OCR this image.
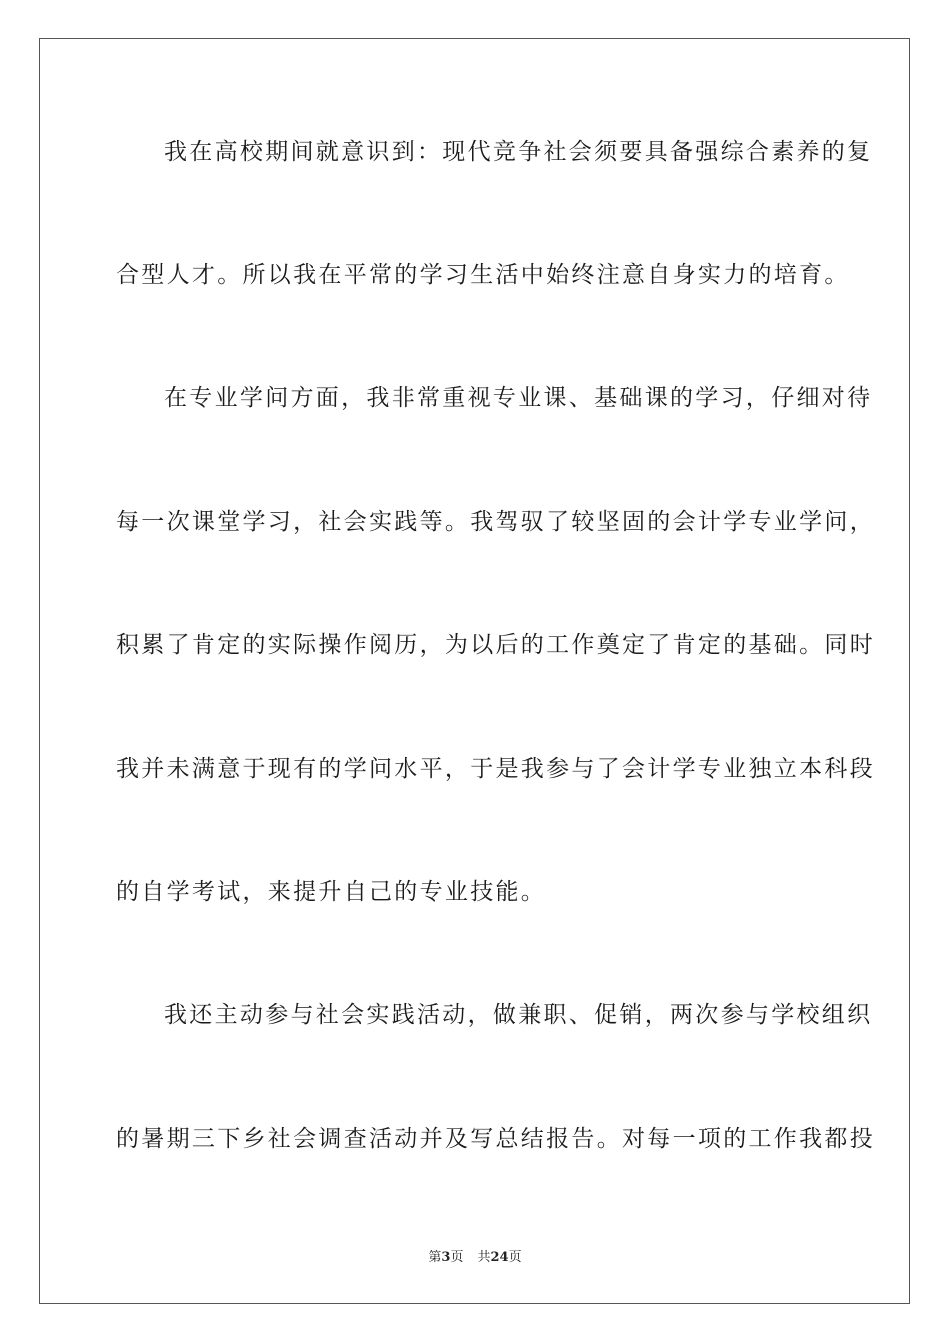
我在高校期间就意识到：现代竞争社会须要具备强综合素养的复
合型人才。所以我在平常的学习生活中始终注意自身实力的培育。
在专业学问方面，我非常重视专业课、基础课的学习，仔细对待
每一次课堂学习，社会实践等。我驾驭了较坚固的会计学专业学问，
积累了肯定的实际操作阅历，为以后的工作奠定了肯定的基础。同时
我并未满意于现有的学问水平，于是我参与了会计学专业独立本科段
的自学考试，来提升自己的专业技能。
我还主动参与社会实践活动，做兼职、促销，两次参与学校组织
的暑期三下乡社会调查活动并及写总结报告。对每一项的工作我都投
第3页 共24页
